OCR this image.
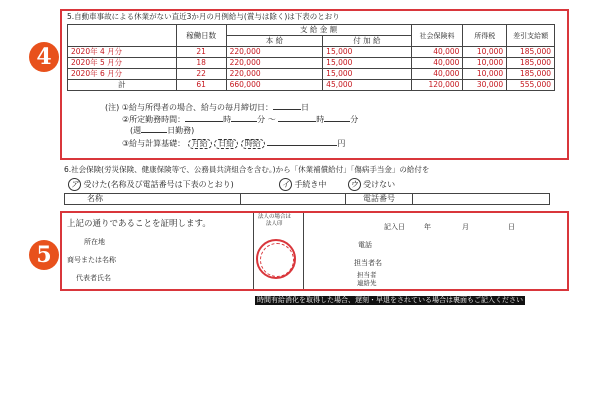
4
5.自動車事故による休業がない直近3か月の月例給与(賞与は除く)は下表のとおり
	稼働日数	支 給 金 額		社会保険料	所得税	差引支給額
		本 給	付 加 給			
2020年 4 月分	21	220,000	15,000	40,000	10,000	185,000
2020年 5 月分	18	220,000	15,000	40,000	10,000	185,000
2020年 6 月分	22	220,000	15,000	40,000	10,000	185,000
計	61	660,000	45,000	120,000	30,000	555,000
(注) ①給与所得者の場合、給与の毎月締切日：	日
②所定勤務時間：	時	分 ～	時	分
(週	日勤務)
③給与計算基礎： 月給 日給 時給	円
6.社会保険(労災保険、健康保険等で、公務員共済組合を含む。)から「休業補償給付」「傷病手当金」の給付を
ア 受けた(名称及び電話番号は下表のとおり)	イ 手続き中	ウ 受けない
名称		電話番号	
5
上記の通りであることを証明します。
所在地
商号または名称
代表者氏名
法人の場合は
法人印	記入日	年	月	日
電話
担当者名
担当者
連絡先
時間有給消化を取得した場合、遅刻・早退をされている場合は裏面もご記入ください
